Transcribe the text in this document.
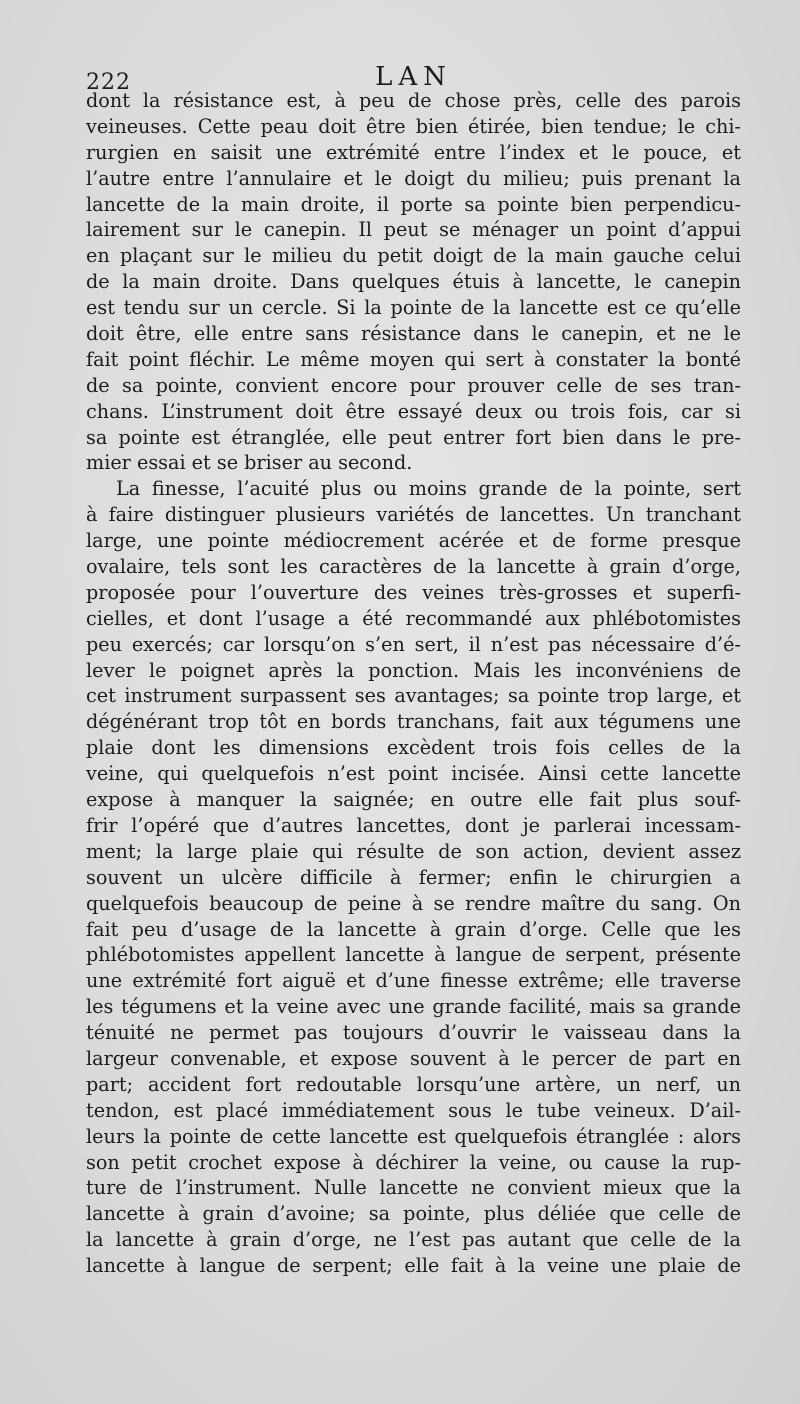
222	LAN
dont la résistance est, à peu de chose près, celle des parois
veineuses. Cette peau doit être bien étirée, bien tendue; le chi-
rurgien en saisit une extrémité entre l’index et le pouce, et
l’autre entre l’annulaire et le doigt du milieu; puis prenant la
lancette de la main droite, il porte sa pointe bien perpendicu-
lairement sur le canepin. Il peut se ménager un point d’appui
en plaçant sur le milieu du petit doigt de la main gauche celui
de la main droite. Dans quelques étuis à lancette, le canepin
est tendu sur un cercle. Si la pointe de la lancette est ce qu’elle
doit être, elle entre sans résistance dans le canepin, et ne le
fait point fléchir. Le même moyen qui sert à constater la bonté
de sa pointe, convient encore pour prouver celle de ses tran-
chans. L’instrument doit être essayé deux ou trois fois, car si
sa pointe est étranglée, elle peut entrer fort bien dans le pre-
mier essai et se briser au second.
La finesse, l’acuité plus ou moins grande de la pointe, sert
à faire distinguer plusieurs variétés de lancettes. Un tranchant
large, une pointe médiocrement acérée et de forme presque
ovalaire, tels sont les caractères de la lancette à grain d’orge,
proposée pour l’ouverture des veines très-grosses et superfi-
cielles, et dont l’usage a été recommandé aux phlébotomistes
peu exercés; car lorsqu’on s’en sert, il n’est pas nécessaire d’é-
lever le poignet après la ponction. Mais les inconvéniens de
cet instrument surpassent ses avantages; sa pointe trop large, et
dégénérant trop tôt en bords tranchans, fait aux tégumens une
plaie dont les dimensions excèdent trois fois celles de la
veine, qui quelquefois n’est point incisée. Ainsi cette lancette
expose à manquer la saignée; en outre elle fait plus souf-
frir l’opéré que d’autres lancettes, dont je parlerai incessam-
ment; la large plaie qui résulte de son action, devient assez
souvent un ulcère difficile à fermer; enfin le chirurgien a
quelquefois beaucoup de peine à se rendre maître du sang. On
fait peu d’usage de la lancette à grain d’orge. Celle que les
phlébotomistes appellent lancette à langue de serpent, présente
une extrémité fort aiguë et d’une finesse extrême; elle traverse
les tégumens et la veine avec une grande facilité, mais sa grande
ténuité ne permet pas toujours d’ouvrir le vaisseau dans la
largeur convenable, et expose souvent à le percer de part en
part; accident fort redoutable lorsqu’une artère, un nerf, un
tendon, est placé immédiatement sous le tube veineux. D’ail-
leurs la pointe de cette lancette est quelquefois étranglée : alors
son petit crochet expose à déchirer la veine, ou cause la rup-
ture de l’instrument. Nulle lancette ne convient mieux que la
lancette à grain d’avoine; sa pointe, plus déliée que celle de
la lancette à grain d’orge, ne l’est pas autant que celle de la
lancette à langue de serpent; elle fait à la veine une plaie de
